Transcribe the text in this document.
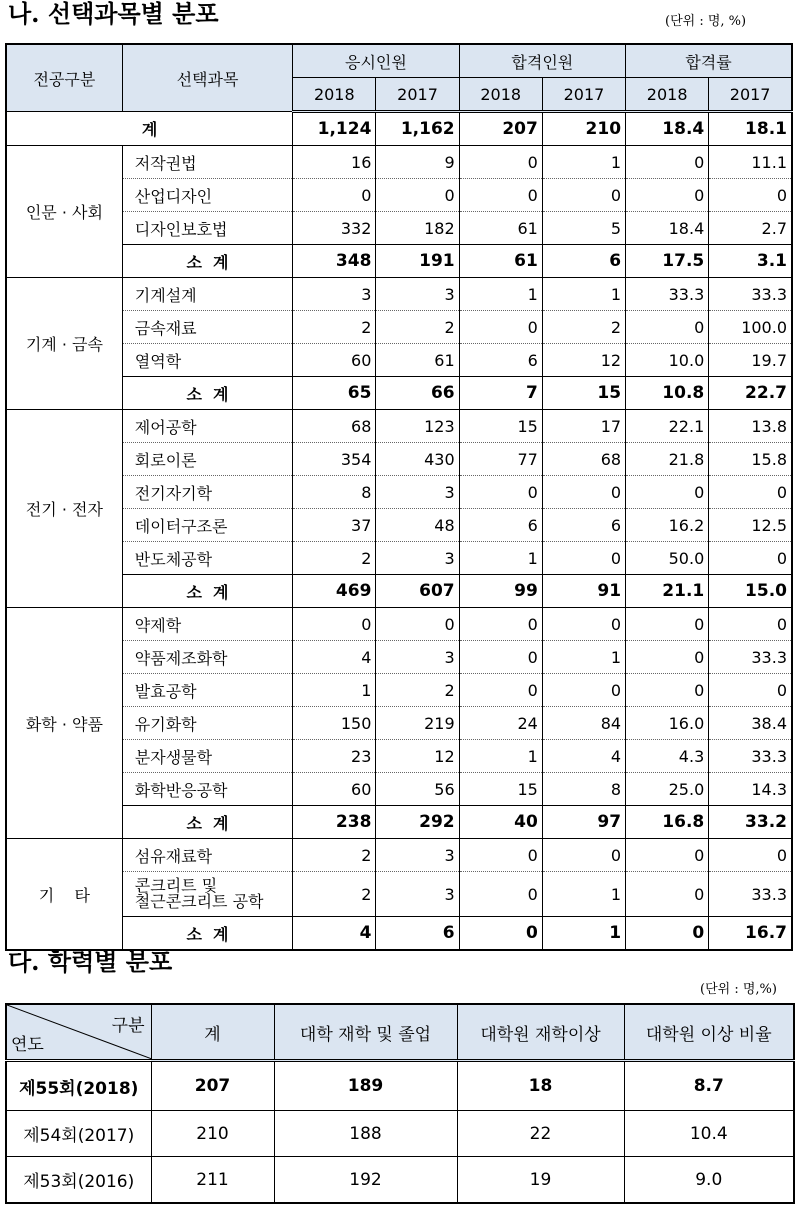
나. 선택과목별 분포	(단위 : 명, %)
전공구분	선택과목	응시인원		합격인원		합격률	
		2018	2017	2018	2017	2018	2017
계		1,124	1,162	207	210	18.4	18.1
인문 · 사회	저작권법	16	9	0	1	0	11.1
	산업디자인	0	0	0	0	0	0
	디자인보호법	332	182	61	5	18.4	2.7
	소  계	348	191	61	6	17.5	3.1
기계 · 금속	기계설계	3	3	1	1	33.3	33.3
	금속재료	2	2	0	2	0	100.0
	열역학	60	61	6	12	10.0	19.7
	소  계	65	66	7	15	10.8	22.7
전기 · 전자	제어공학	68	123	15	17	22.1	13.8
	회로이론	354	430	77	68	21.8	15.8
	전기자기학	8	3	0	0	0	0
	데이터구조론	37	48	6	6	16.2	12.5
	반도체공학	2	3	1	0	50.0	0
	소  계	469	607	99	91	21.1	15.0
화학 · 약품	약제학	0	0	0	0	0	0
	약품제조화학	4	3	0	1	0	33.3
	발효공학	1	2	0	0	0	0
	유기화학	150	219	24	84	16.0	38.4
	분자생물학	23	12	1	4	4.3	33.3
	화학반응공학	60	56	15	8	25.0	14.3
	소  계	238	292	40	97	16.8	33.2
기    타	섬유재료학	2	3	0	0	0	0
	콘크리트 및
철근콘크리트 공학	2	3	0	1	0	33.3
	소  계	4	6	0	1	0	16.7
다. 학력별 분포
(단위 : 명,%)
구분
연도	계	대학 재학 및 졸업	대학원 재학이상	대학원 이상 비율
제55회(2018)	207	189	18	8.7
제54회(2017)	210	188	22	10.4
제53회(2016)	211	192	19	9.0
